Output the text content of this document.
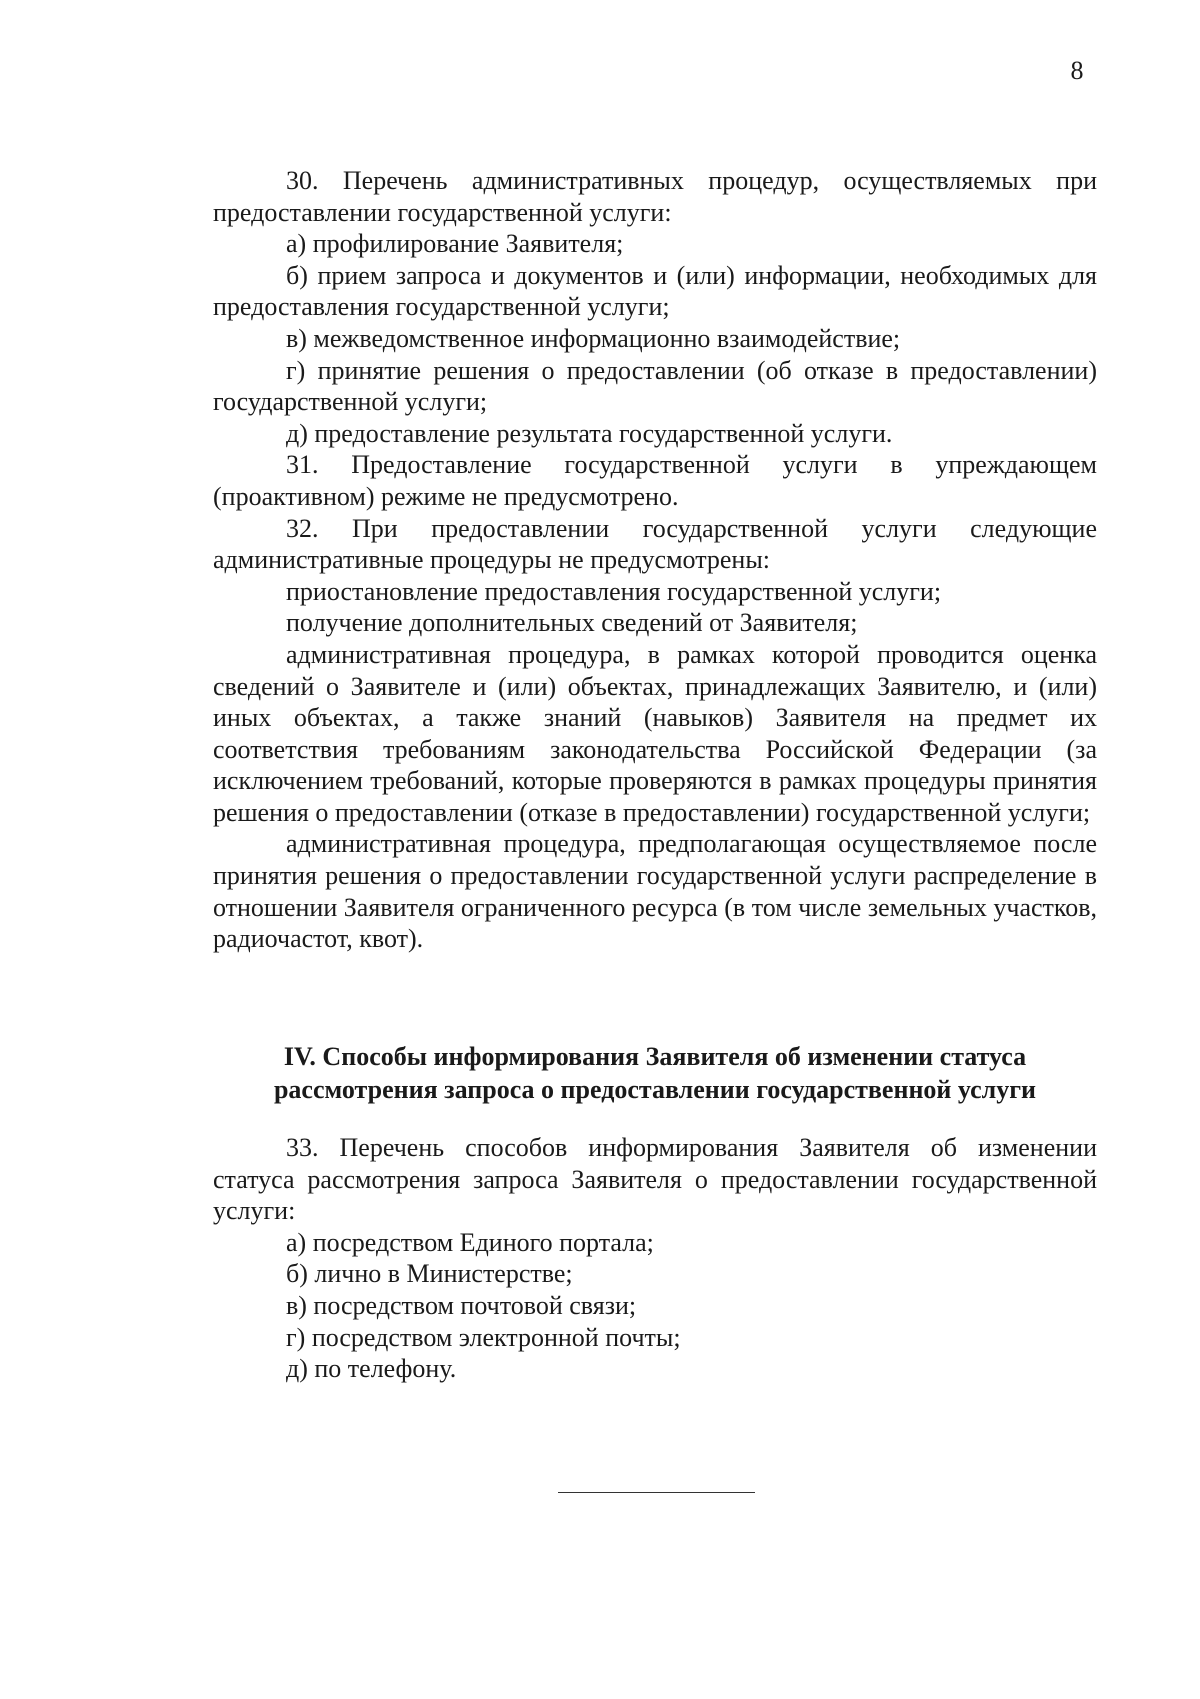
8

30. Перечень административных процедур, осуществляемых при предоставлении государственной услуги:

а) профилирование Заявителя;

б) прием запроса и документов и (или) информации, необходимых для предоставления государственной услуги;

в) межведомственное информационно взаимодействие;

г) принятие решения о предоставлении (об отказе в предоставлении) государственной услуги;

д) предоставление результата государственной услуги.

31. Предоставление государственной услуги в упреждающем (проактивном) режиме не предусмотрено.

32. При предоставлении государственной услуги следующие административные процедуры не предусмотрены:

приостановление предоставления государственной услуги;

получение дополнительных сведений от Заявителя;

административная процедура, в рамках которой проводится оценка сведений о Заявителе и (или) объектах, принадлежащих Заявителю, и (или) иных объектах, а также знаний (навыков) Заявителя на предмет их соответствия требованиям законодательства Российской Федерации (за исключением требований, которые проверяются в рамках процедуры принятия решения о предоставлении (отказе в предоставлении) государственной услуги;

административная процедура, предполагающая осуществляемое после принятия решения о предоставлении государственной услуги распределение в отношении Заявителя ограниченного ресурса (в том числе земельных участков, радиочастот, квот).

IV. Способы информирования Заявителя об изменении статуса
рассмотрения запроса о предоставлении государственной услуги

33. Перечень способов информирования Заявителя об изменении статуса рассмотрения запроса Заявителя о предоставлении государственной услуги:

а) посредством Единого портала;

б) лично в Министерстве;

в) посредством почтовой связи;

г) посредством электронной почты;

д) по телефону.
